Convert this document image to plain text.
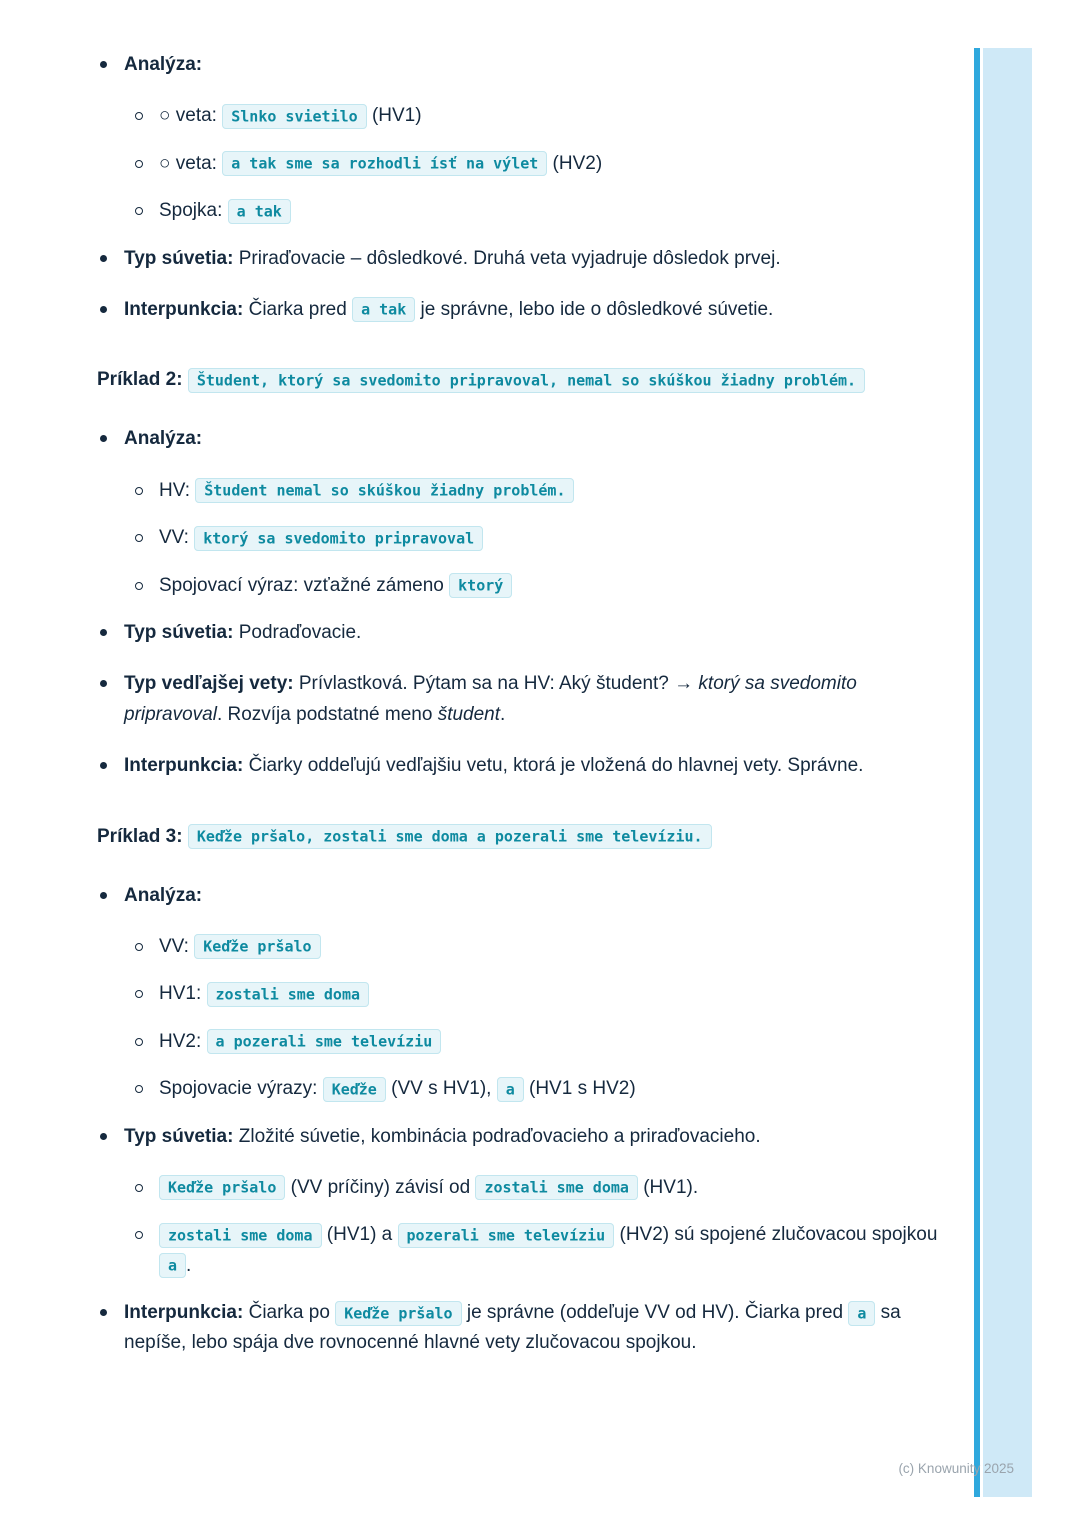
Analýza:
○ veta: Slnko svietilo (HV1)
○ veta: a tak sme sa rozhodli ísť na výlet (HV2)
Spojka: a tak
Typ súvetia: Priraďovacie – dôsledkové. Druhá veta vyjadruje dôsledok prvej.
Interpunkcia: Čiarka pred a tak je správne, lebo ide o dôsledkové súvetie.
Príklad 2: Študent, ktorý sa svedomito pripravoval, nemal so skúškou žiadny problém.
Analýza:
HV: Študent nemal so skúškou žiadny problém.
VV: ktorý sa svedomito pripravoval
Spojovací výraz: vzťažné zámeno ktorý
Typ súvetia: Podraďovacie.
Typ vedľajšej vety: Prívlastková. Pýtam sa na HV: Aký študent? → ktorý sa svedomito pripravoval. Rozvíja podstatné meno študent.
Interpunkcia: Čiarky oddeľujú vedľajšiu vetu, ktorá je vložená do hlavnej vety. Správne.
Príklad 3: Keďže pršalo, zostali sme doma a pozerali sme televíziu.
Analýza:
VV: Keďže pršalo
HV1: zostali sme doma
HV2: a pozerali sme televíziu
Spojovacie výrazy: Keďže (VV s HV1), a (HV1 s HV2)
Typ súvetia: Zložité súvetie, kombinácia podraďovacieho a priraďovacieho.
Keďže pršalo (VV príčiny) závisí od zostali sme doma (HV1).
zostali sme doma (HV1) a pozerali sme televíziu (HV2) sú spojené zlučovacou spojkou a .
Interpunkcia: Čiarka po Keďže pršalo je správne (oddeľuje VV od HV). Čiarka pred a sa nepíše, lebo spája dve rovnocenné hlavné vety zlučovacou spojkou.
(c) Knowunity 2025
